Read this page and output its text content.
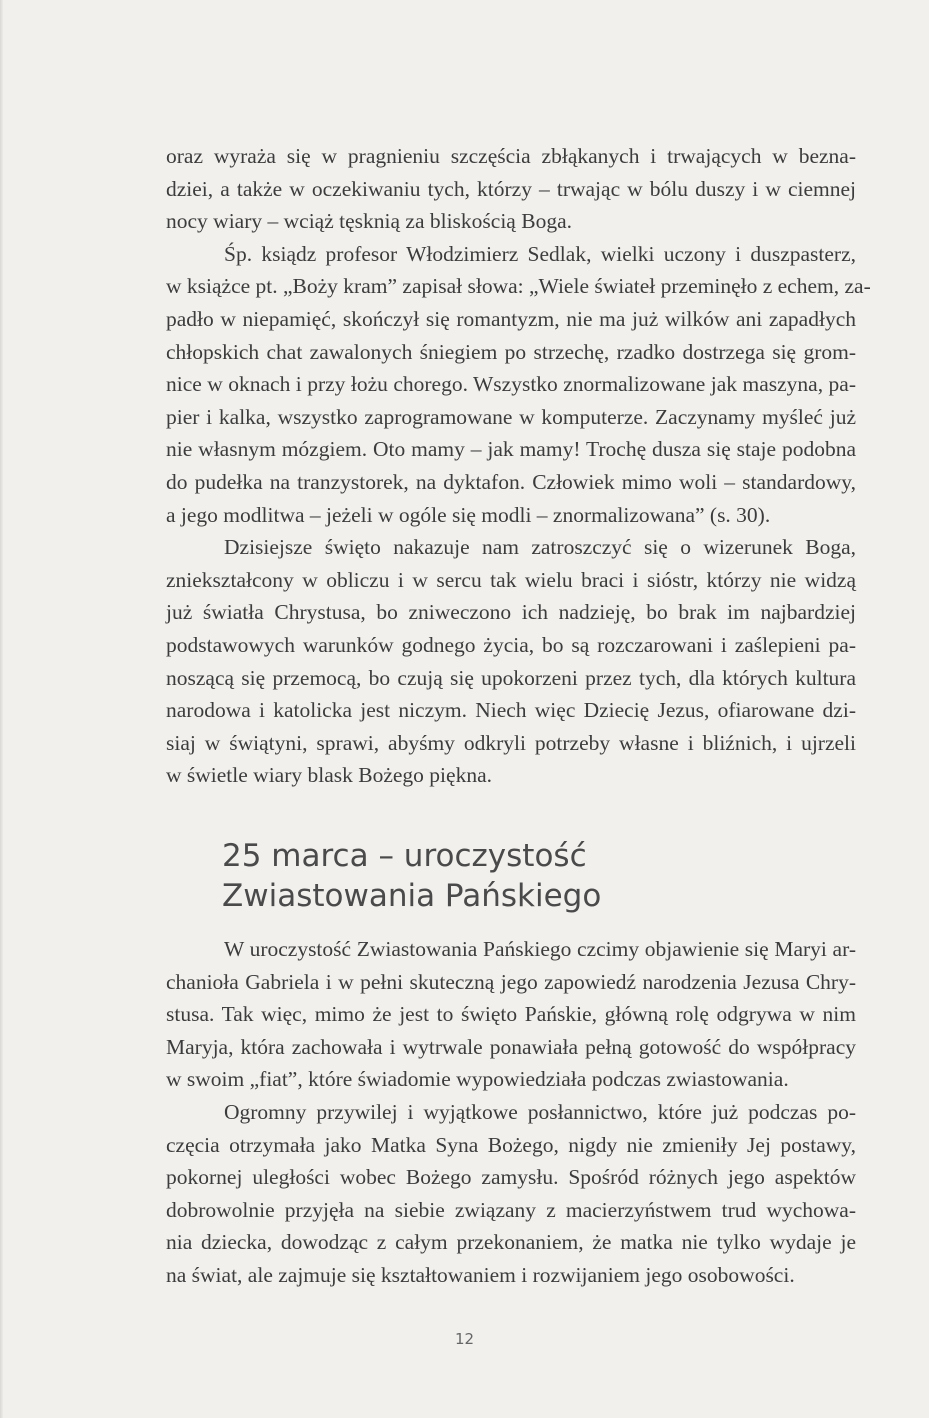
oraz wyraża się w pragnieniu szczęścia zbłąkanych i trwających w bezna-
dziei, a także w oczekiwaniu tych, którzy – trwając w bólu duszy i w ciemnej
nocy wiary – wciąż tęsknią za bliskością Boga.
Śp. ksiądz profesor Włodzimierz Sedlak, wielki uczony i duszpasterz,
w książce pt. „Boży kram” zapisał słowa: „Wiele świateł przeminęło z echem, za-
padło w niepamięć, skończył się romantyzm, nie ma już wilków ani zapadłych
chłopskich chat zawalonych śniegiem po strzechę, rzadko dostrzega się grom-
nice w oknach i przy łożu chorego. Wszystko znormalizowane jak maszyna, pa-
pier i kalka, wszystko zaprogramowane w komputerze. Zaczynamy myśleć już
nie własnym mózgiem. Oto mamy – jak mamy! Trochę dusza się staje podobna
do pudełka na tranzystorek, na dyktafon. Człowiek mimo woli – standardowy,
a jego modlitwa – jeżeli w ogóle się modli – znormalizowana” (s. 30).
Dzisiejsze święto nakazuje nam zatroszczyć się o wizerunek Boga,
zniekształcony w obliczu i w sercu tak wielu braci i sióstr, którzy nie widzą
już światła Chrystusa, bo zniweczono ich nadzieję, bo brak im najbardziej
podstawowych warunków godnego życia, bo są rozczarowani i zaślepieni pa-
noszącą się przemocą, bo czują się upokorzeni przez tych, dla których kultura
narodowa i katolicka jest niczym. Niech więc Dziecię Jezus, ofiarowane dzi-
siaj w świątyni, sprawi, abyśmy odkryli potrzeby własne i bliźnich, i ujrzeli
w świetle wiary blask Bożego piękna.
25 marca – uroczystość
Zwiastowania Pańskiego
W uroczystość Zwiastowania Pańskiego czcimy objawienie się Maryi ar-
chanioła Gabriela i w pełni skuteczną jego zapowiedź narodzenia Jezusa Chry-
stusa. Tak więc, mimo że jest to święto Pańskie, główną rolę odgrywa w nim
Maryja, która zachowała i wytrwale ponawiała pełną gotowość do współpracy
w swoim „fiat”, które świadomie wypowiedziała podczas zwiastowania.
Ogromny przywilej i wyjątkowe posłannictwo, które już podczas po-
częcia otrzymała jako Matka Syna Bożego, nigdy nie zmieniły Jej postawy,
pokornej uległości wobec Bożego zamysłu. Spośród różnych jego aspektów
dobrowolnie przyjęła na siebie związany z macierzyństwem trud wychowa-
nia dziecka, dowodząc z całym przekonaniem, że matka nie tylko wydaje je
na świat, ale zajmuje się kształtowaniem i rozwijaniem jego osobowości.
12
